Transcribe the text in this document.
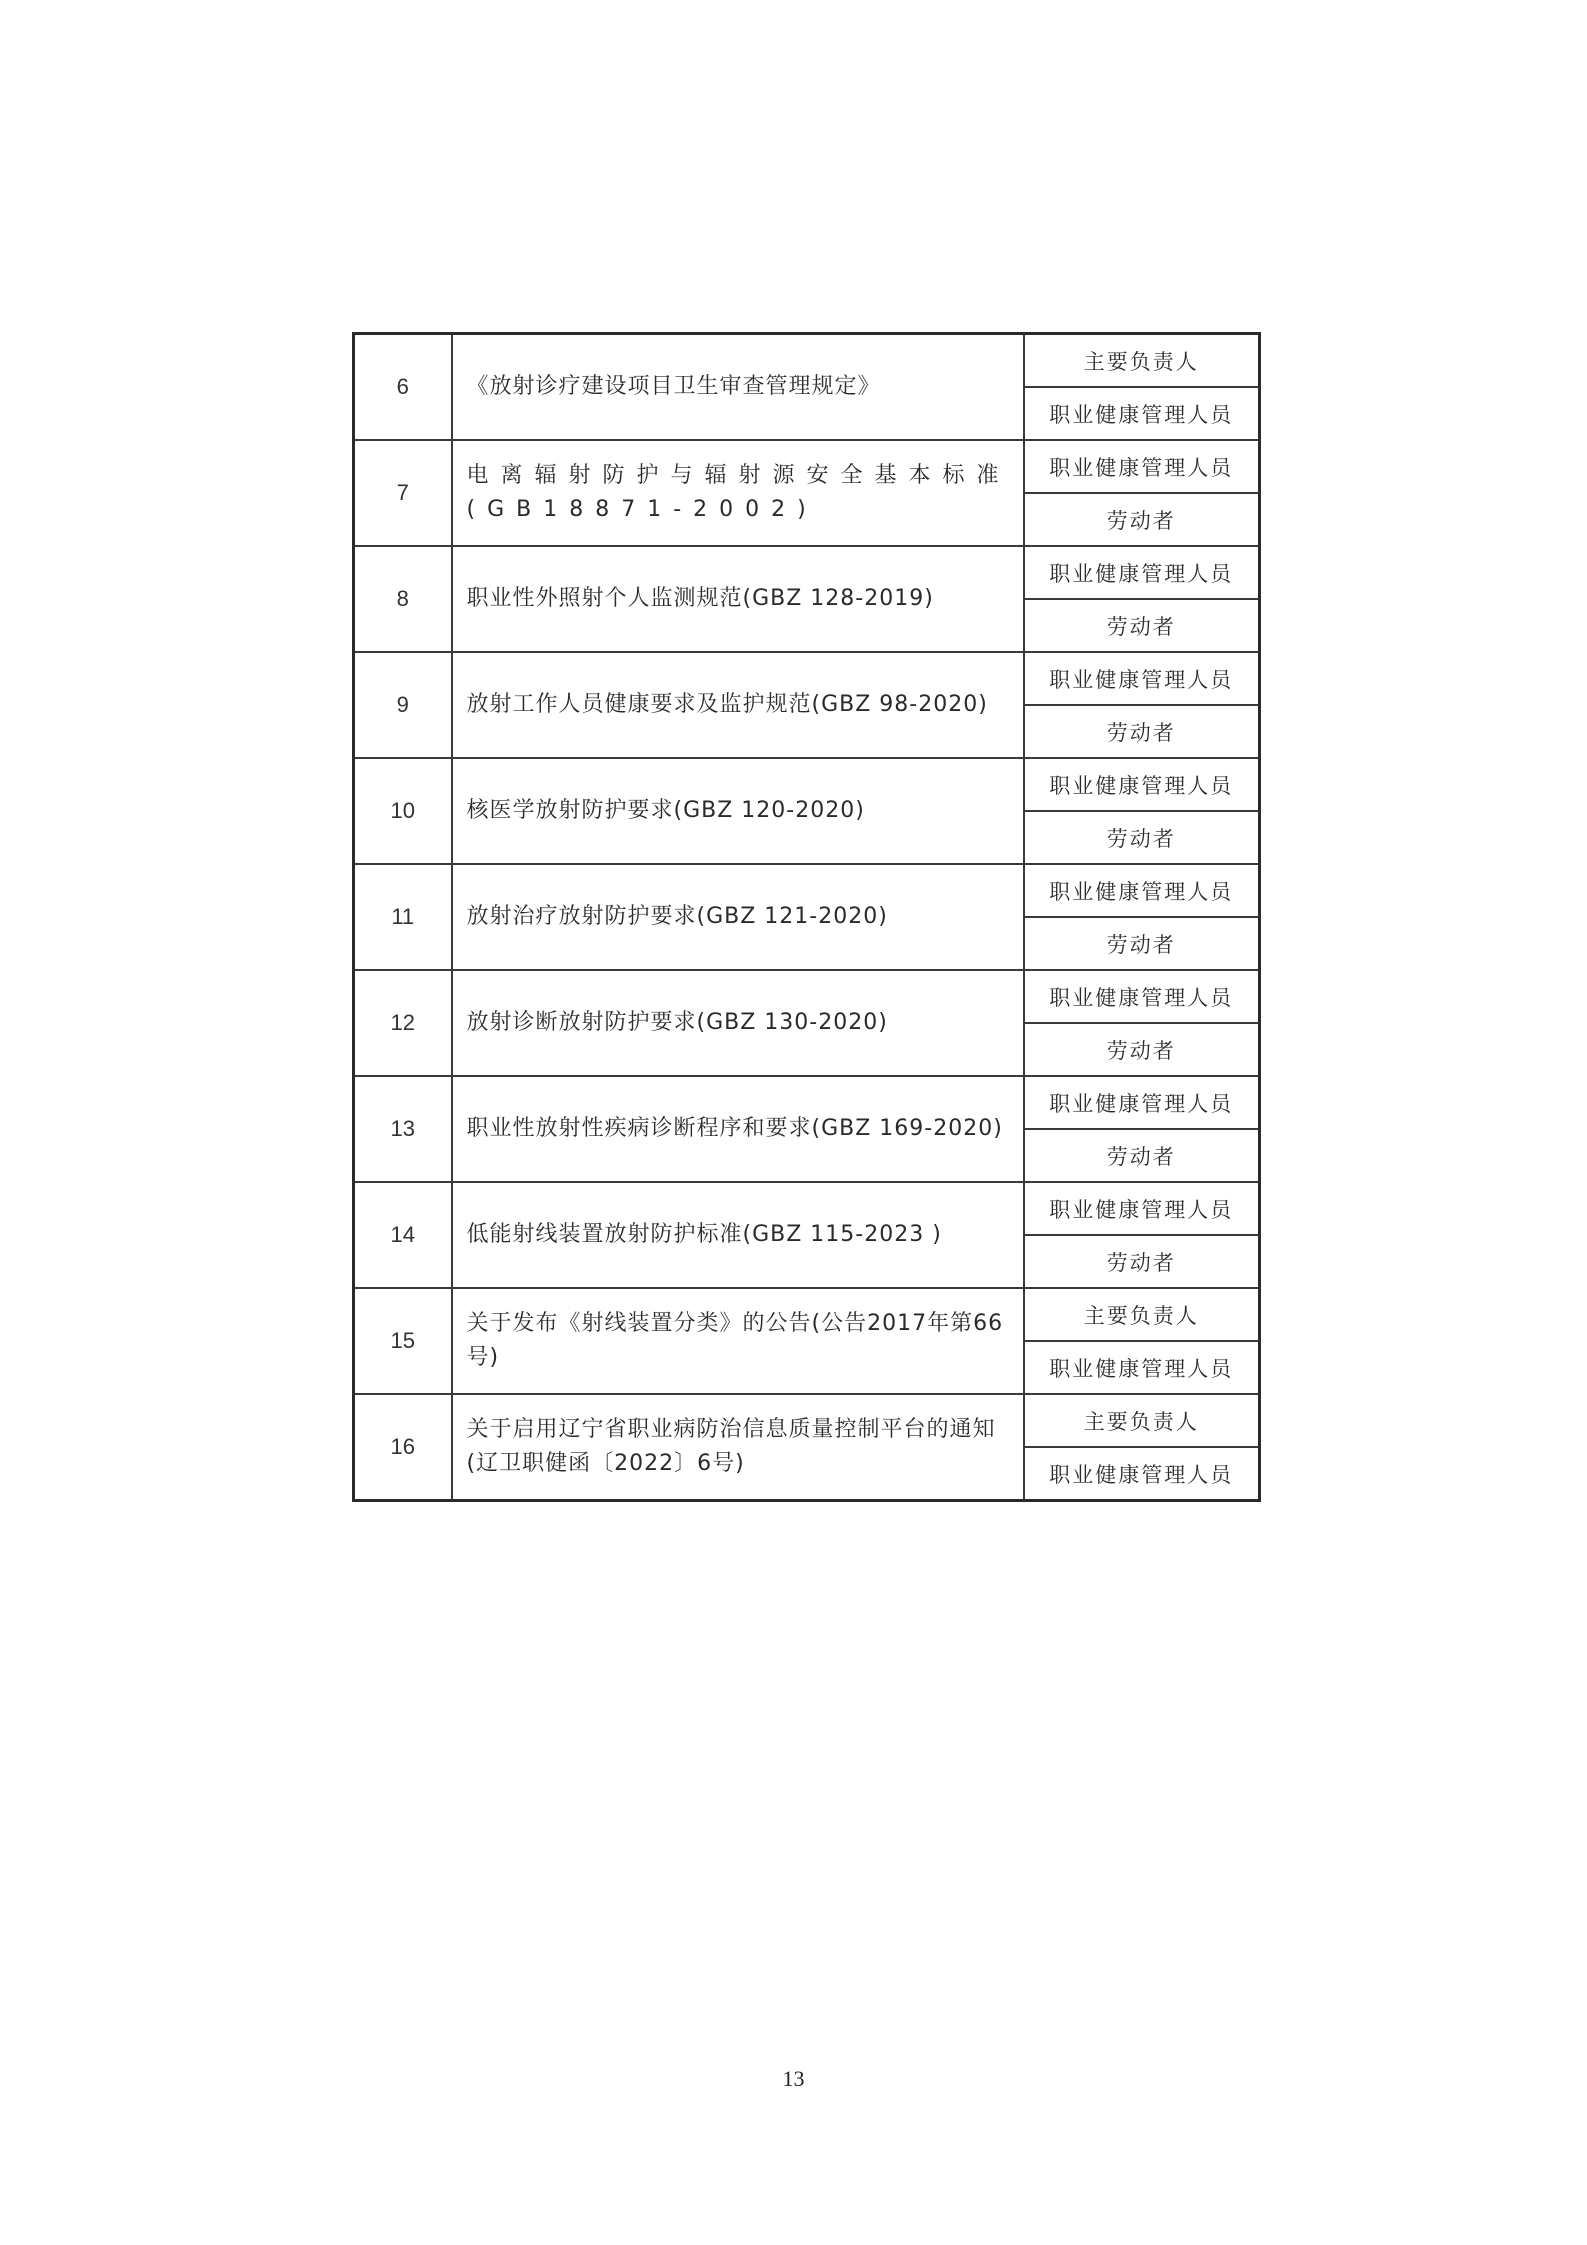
6	《放射诊疗建设项目卫生审查管理规定》	主要负责人
		职业健康管理人员
7	电离辐射防护与辐射源安全基本标准(GB18871-2002)	职业健康管理人员
		劳动者
8	职业性外照射个人监测规范(GBZ 128-2019)	职业健康管理人员
		劳动者
9	放射工作人员健康要求及监护规范(GBZ 98-2020)	职业健康管理人员
		劳动者
10	核医学放射防护要求(GBZ 120-2020)	职业健康管理人员
		劳动者
11	放射治疗放射防护要求(GBZ 121-2020)	职业健康管理人员
		劳动者
12	放射诊断放射防护要求(GBZ 130-2020)	职业健康管理人员
		劳动者
13	职业性放射性疾病诊断程序和要求(GBZ 169-2020)	职业健康管理人员
		劳动者
14	低能射线装置放射防护标准(GBZ 115-2023 )	职业健康管理人员
		劳动者
15	关于发布《射线装置分类》的公告(公告2017年第66号)	主要负责人
		职业健康管理人员
16	关于启用辽宁省职业病防治信息质量控制平台的通知(辽卫职健函〔2022〕6号)	主要负责人
		职业健康管理人员
13
